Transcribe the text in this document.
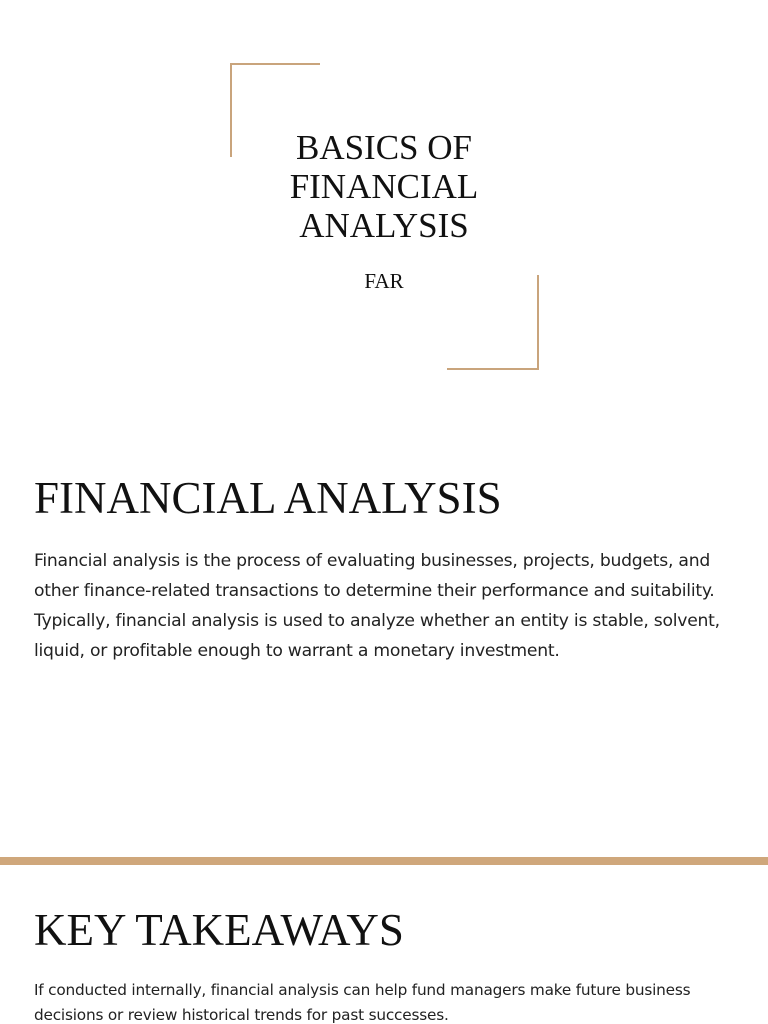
BASICS OF FINANCIAL ANALYSIS

FAR

FINANCIAL ANALYSIS

Financial analysis is the process of evaluating businesses, projects, budgets, and other finance-related transactions to determine their performance and suitability. Typically, financial analysis is used to analyze whether an entity is stable, solvent, liquid, or profitable enough to warrant a monetary investment.

KEY TAKEAWAYS

If conducted internally, financial analysis can help fund managers make future business decisions or review historical trends for past successes.
